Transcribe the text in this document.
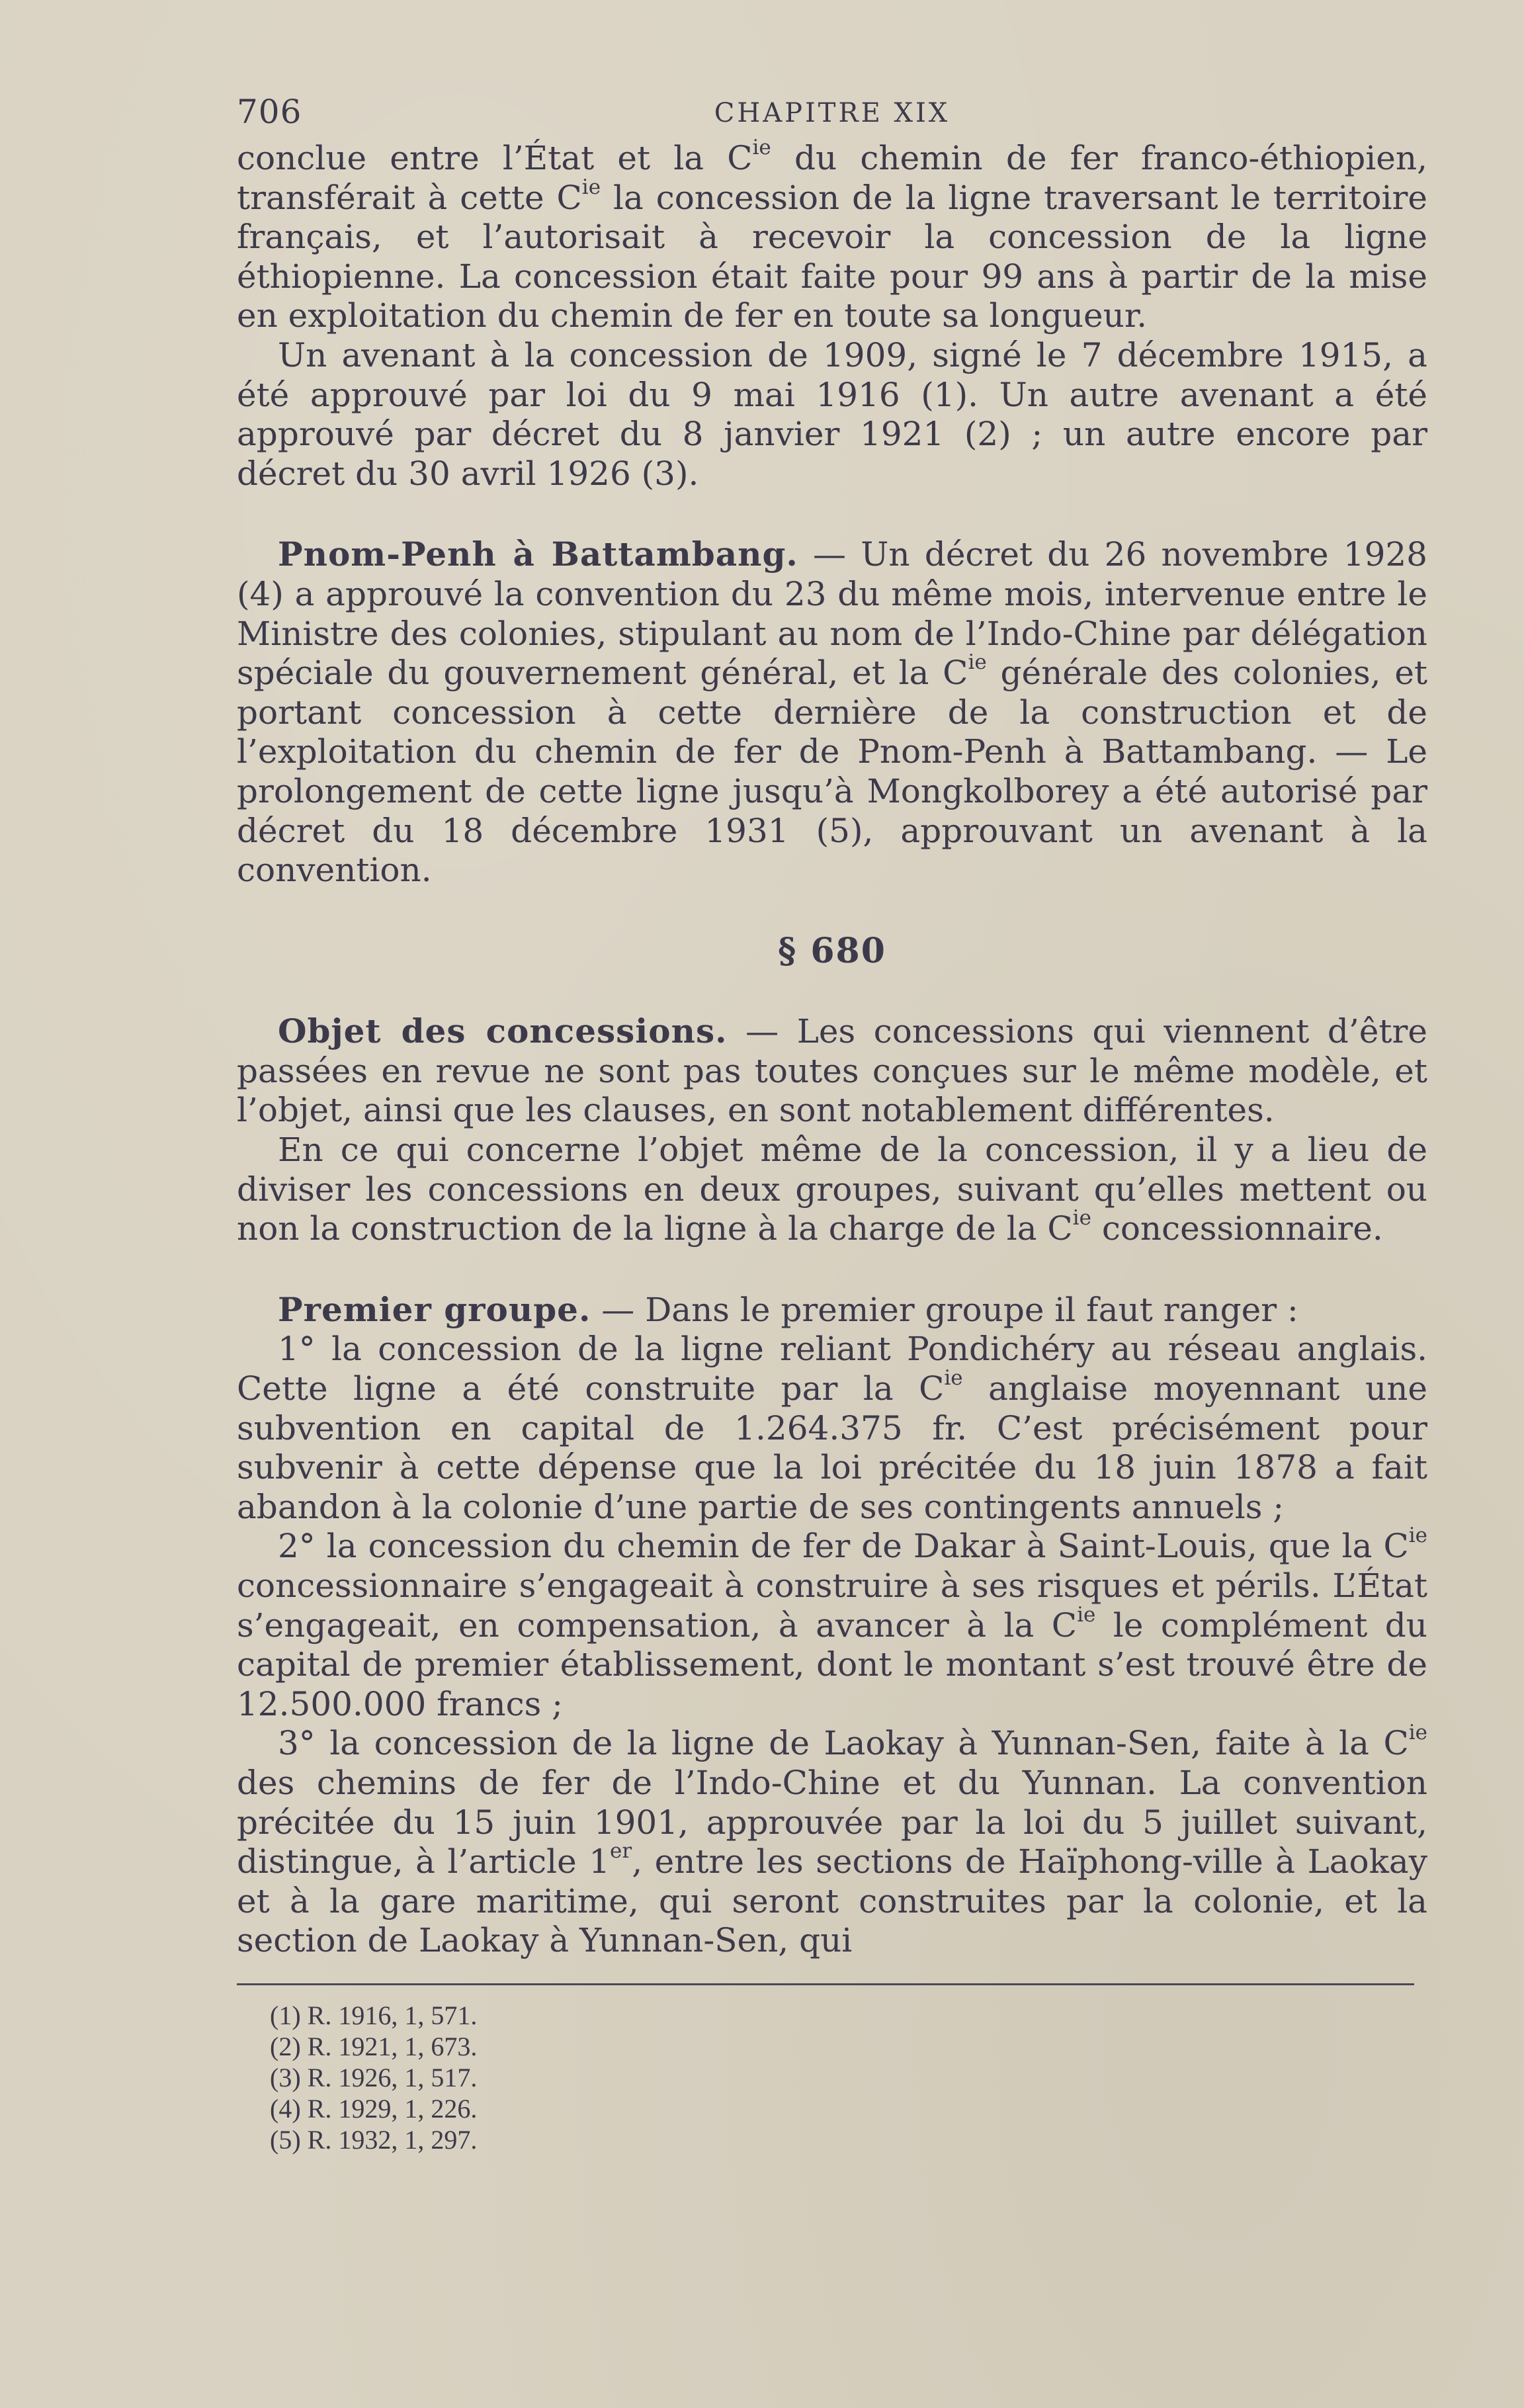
706	CHAPITRE XIX

conclue entre l’État et la $C^{ie}$ du chemin de fer franco-éthiopien, transférait à cette $C^{ie}$ la concession de la ligne traversant le territoire français, et l’autorisait à recevoir la concession de la ligne éthiopienne. La concession était faite pour 99 ans à partir de la mise en exploitation du chemin de fer en toute sa longueur.

Un avenant à la concession de 1909, signé le 7 décembre 1915, a été approuvé par loi du 9 mai 1916 (1). Un autre avenant a été approuvé par décret du 8 janvier 1921 (2) ; un autre encore par décret du 30 avril 1926 (3).

Pnom-Penh à Battambang. — Un décret du 26 novembre 1928 (4) a approuvé la convention du 23 du même mois, intervenue entre le Ministre des colonies, stipulant au nom de l’Indo-Chine par délégation spéciale du gouvernement général, et la $C^{ie}$ générale des colonies, et portant concession à cette dernière de la construction et de l’exploitation du chemin de fer de Pnom-Penh à Battambang. — Le prolongement de cette ligne jusqu’à Mongkolborey a été autorisé par décret du 18 décembre 1931 (5), approuvant un avenant à la convention.

§ 680

Objet des concessions. — Les concessions qui viennent d’être passées en revue ne sont pas toutes conçues sur le même modèle, et l’objet, ainsi que les clauses, en sont notablement différentes.

En ce qui concerne l’objet même de la concession, il y a lieu de diviser les concessions en deux groupes, suivant qu’elles mettent ou non la construction de la ligne à la charge de la $C^{ie}$ concessionnaire.

Premier groupe. — Dans le premier groupe il faut ranger :

1° la concession de la ligne reliant Pondichéry au réseau anglais. Cette ligne a été construite par la $C^{ie}$ anglaise moyennant une subvention en capital de 1.264.375 fr. C’est précisément pour subvenir à cette dépense que la loi précitée du 18 juin 1878 a fait abandon à la colonie d’une partie de ses contingents annuels ;

2° la concession du chemin de fer de Dakar à Saint-Louis, que la $C^{ie}$ concessionnaire s’engageait à construire à ses risques et périls. L’État s’engageait, en compensation, à avancer à la $C^{ie}$ le complément du capital de premier établissement, dont le montant s’est trouvé être de 12.500.000 francs ;

3° la concession de la ligne de Laokay à Yunnan-Sen, faite à la $C^{ie}$ des chemins de fer de l’Indo-Chine et du Yunnan. La convention précitée du 15 juin 1901, approuvée par la loi du 5 juillet suivant, distingue, à l’article 1er, entre les sections de Haïphong-ville à Laokay et à la gare maritime, qui seront construites par la colonie, et la section de Laokay à Yunnan-Sen, qui

(1) R. 1916, 1, 571.

(2) R. 1921, 1, 673.

(3) R. 1926, 1, 517.

(4) R. 1929, 1, 226.

(5) R. 1932, 1, 297.
